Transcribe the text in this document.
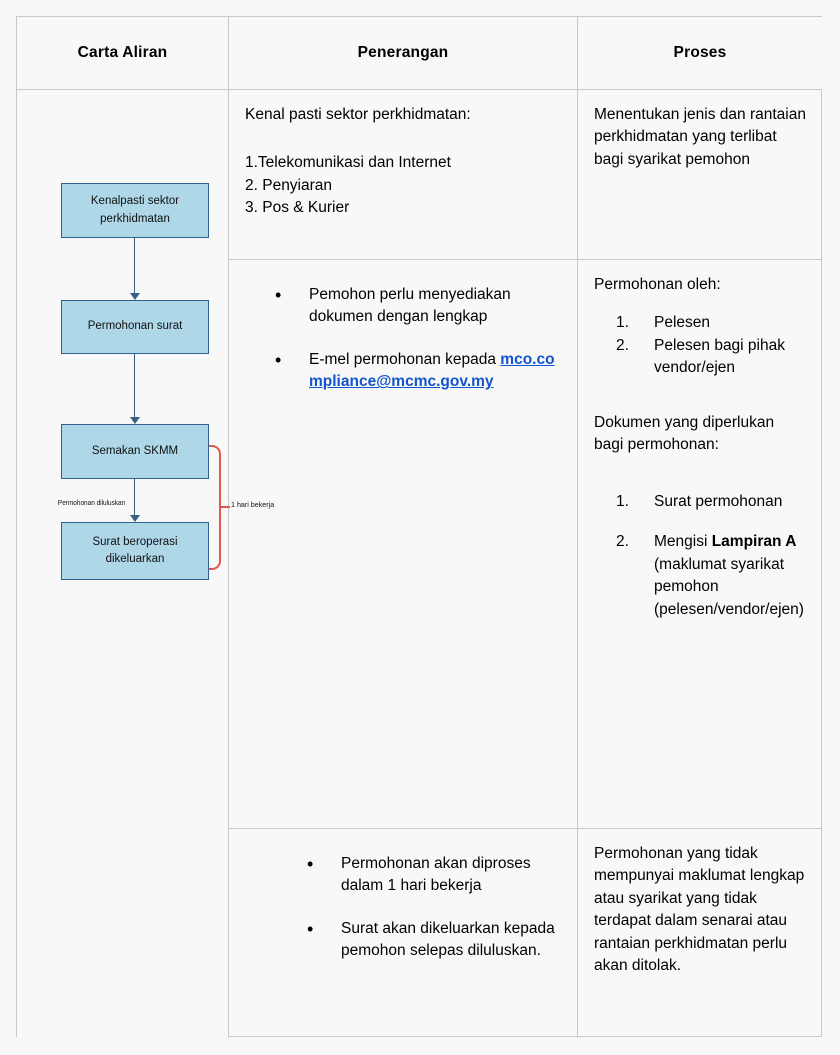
Carta Aliran	Penerangan	Proses
Kenalpasti sektor perkhidmatan
Permohonan surat
Semakan SKMM
Permohonan diluluskan
Surat beroperasi dikeluarkan
1 hari bekerja

Kenal pasti sektor perkhidmatan:

1.Telekomunikasi dan Internet
2. Penyiaran
3. Pos & Kurier
• Pemohon perlu menyediakan dokumen dengan lengkap
• E-mel permohonan kepada mco.compliance@mcmc.gov.my
• Permohonan akan diproses dalam 1 hari bekerja
• Surat akan dikeluarkan kepada pemohon selepas diluluskan.

Menentukan jenis dan rantaian perkhidmatan yang terlibat bagi syarikat pemohon

Permohonan oleh:

Pelesen
Pelesen bagi pihak vendor/ejen

Dokumen yang diperlukan bagi permohonan:

Surat permohonan
Mengisi Lampiran A (maklumat syarikat pemohon (pelesen/vendor/ejen)

Permohonan yang tidak mempunyai maklumat lengkap atau syarikat yang tidak terdapat dalam senarai atau rantaian perkhidmatan perlu akan ditolak.
